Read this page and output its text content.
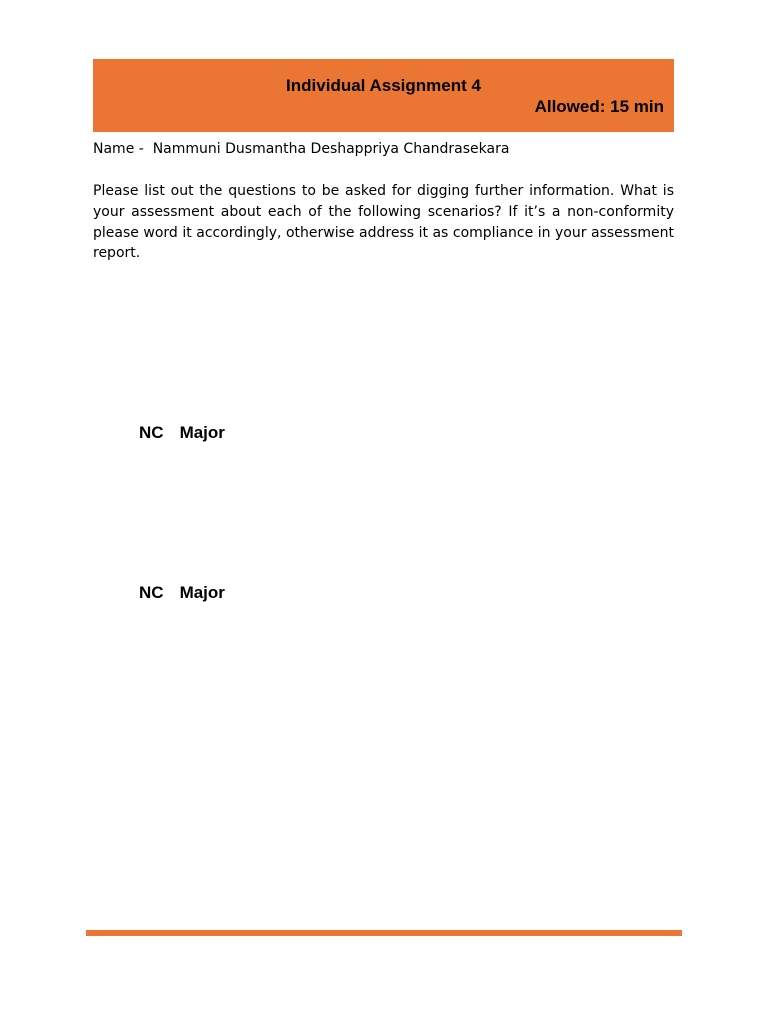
Individual Assignment 4
Allowed: 15 min
Name -  Nammuni Dusmantha Deshappriya Chandrasekara

Please list out the questions to be asked for digging further information. What is your assessment about each of the following scenarios? If it’s a non-conformity please word it accordingly, otherwise address it as compliance in your assessment report.

NC Major
NC Major
